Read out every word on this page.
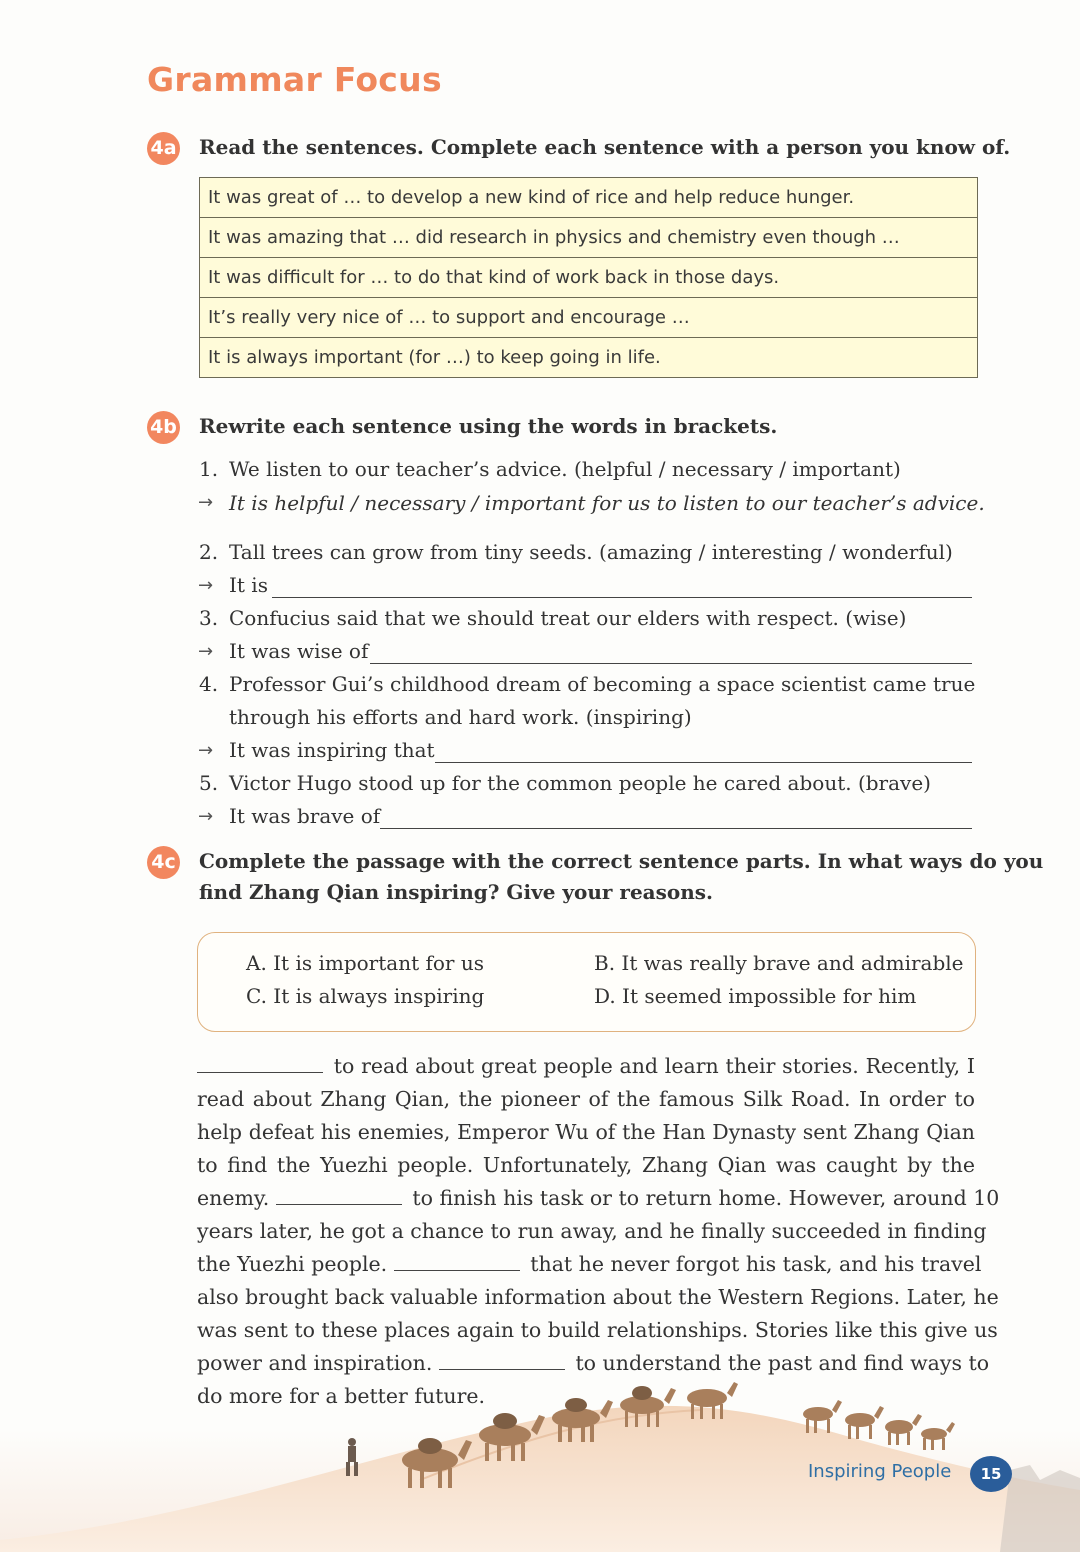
Grammar Focus
4a Read the sentences. Complete each sentence with a person you know of.
It was great of … to develop a new kind of rice and help reduce hunger.
It was amazing that … did research in physics and chemistry even though …
It was difficult for … to do that kind of work back in those days.
It’s really very nice of … to support and encourage …
It is always important (for …) to keep going in life.
4b Rewrite each sentence using the words in brackets.
1. We listen to our teacher’s advice. (helpful / necessary / important)
→ It is helpful / necessary / important for us to listen to our teacher’s advice.
2. Tall trees can grow from tiny seeds. (amazing / interesting / wonderful)
→ It is
3. Confucius said that we should treat our elders with respect. (wise)
→ It was wise of
4. Professor Gui’s childhood dream of becoming a space scientist came true
through his efforts and hard work. (inspiring)
→ It was inspiring that
5. Victor Hugo stood up for the common people he cared about. (brave)
→ It was brave of
4c Complete the passage with the correct sentence parts. In what ways do you
find Zhang Qian inspiring? Give your reasons.
A. It is important for us	B. It was really brave and admirable
C. It is always inspiring	D. It seemed impossible for him
to read about great people and learn their stories. Recently, I
read about Zhang Qian, the pioneer of the famous Silk Road. In order to
help defeat his enemies, Emperor Wu of the Han Dynasty sent Zhang Qian
to find the Yuezhi people. Unfortunately, Zhang Qian was caught by the
enemy.	to finish his task or to return home. However, around 10
years later, he got a chance to run away, and he finally succeeded in finding
the Yuezhi people.	that he never forgot his task, and his travel
also brought back valuable information about the Western Regions. Later, he
was sent to these places again to build relationships. Stories like this give us
power and inspiration.	to understand the past and find ways to
do more for a better future.
Inspiring People	15
